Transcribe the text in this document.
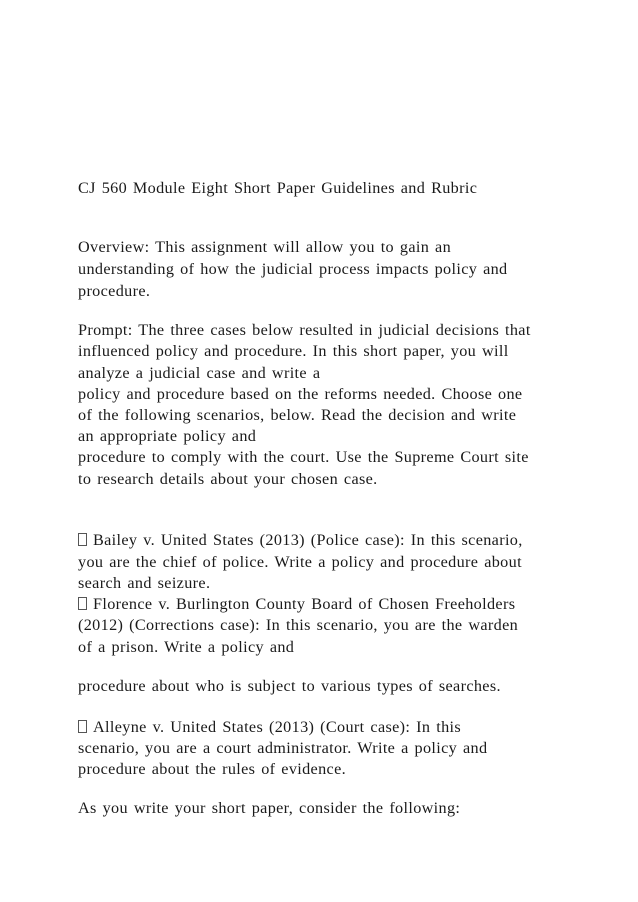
CJ 560 Module Eight Short Paper Guidelines and Rubric
Overview: This assignment will allow you to gain an
understanding of how the judicial process impacts policy and
procedure.
Prompt: The three cases below resulted in judicial decisions that
influenced policy and procedure. In this short paper, you will
analyze a judicial case and write a
policy and procedure based on the reforms needed. Choose one
of the following scenarios, below. Read the decision and write
an appropriate policy and
procedure to comply with the court. Use the Supreme Court site
to research details about your chosen case.
Bailey v. United States (2013) (Police case): In this scenario,
you are the chief of police. Write a policy and procedure about
search and seizure.
Florence v. Burlington County Board of Chosen Freeholders
(2012) (Corrections case): In this scenario, you are the warden
of a prison. Write a policy and
procedure about who is subject to various types of searches.
Alleyne v. United States (2013) (Court case): In this
scenario, you are a court administrator. Write a policy and
procedure about the rules of evidence.
As you write your short paper, consider the following:
